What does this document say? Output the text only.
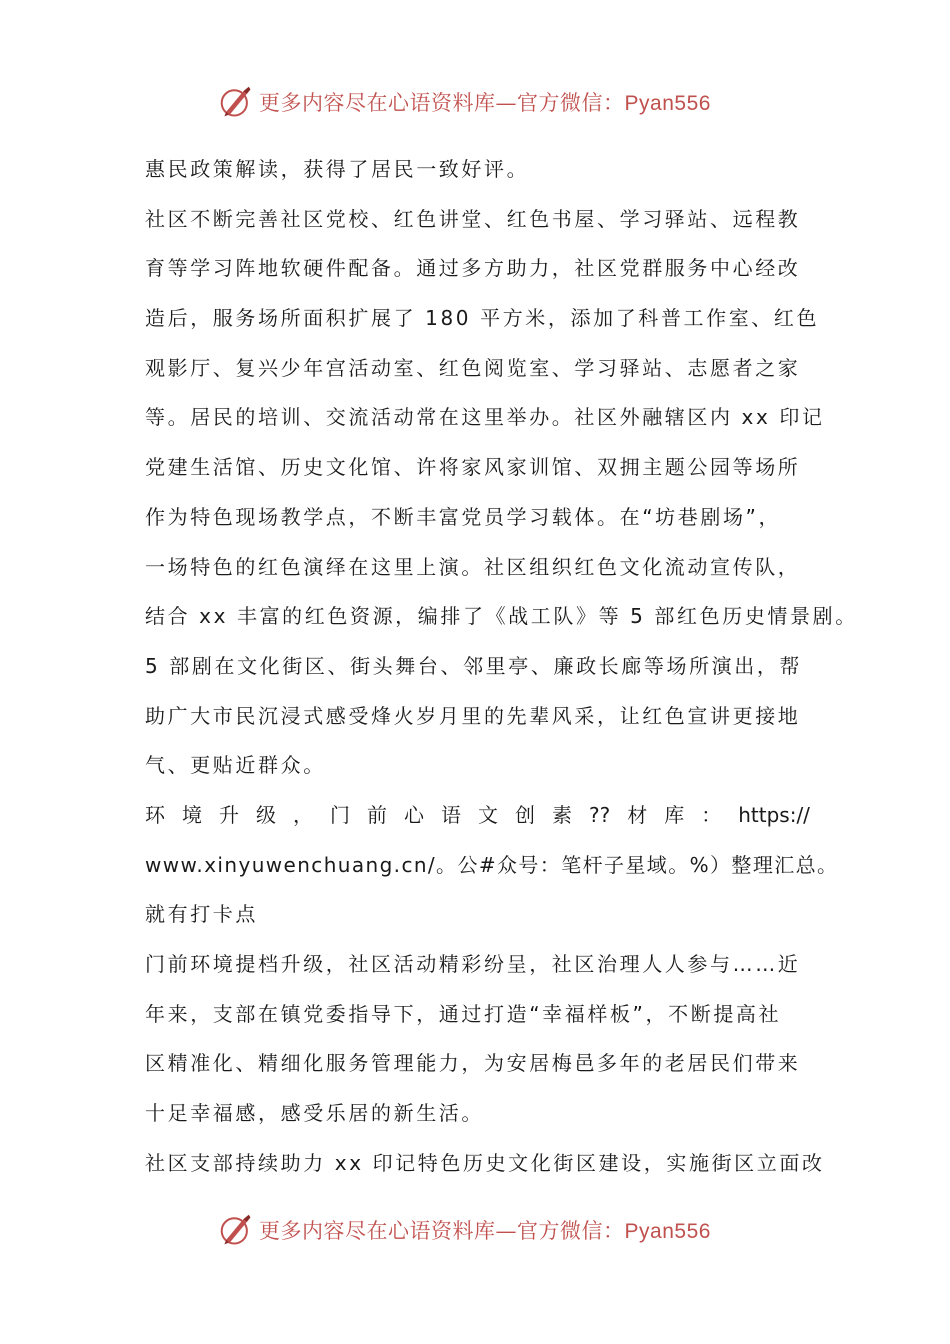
更多内容尽在心语资料库—官方微信：Pyan556
惠民政策解读，获得了居民一致好评。
社区不断完善社区党校、红色讲堂、红色书屋、学习驿站、远程教
育等学习阵地软硬件配备。通过多方助力，社区党群服务中心经改
造后，服务场所面积扩展了 180 平方米，添加了科普工作室、红色
观影厅、复兴少年宫活动室、红色阅览室、学习驿站、志愿者之家
等。居民的培训、交流活动常在这里举办。社区外融辖区内 xx 印记
党建生活馆、历史文化馆、许将家风家训馆、双拥主题公园等场所
作为特色现场教学点，不断丰富党员学习载体。在“坊巷剧场”，
一场特色的红色演绎在这里上演。社区组织红色文化流动宣传队，
结合 xx 丰富的红色资源，编排了《战工队》等 5 部红色历史情景剧。
5 部剧在文化街区、街头舞台、邻里亭、廉政长廊等场所演出，帮
助广大市民沉浸式感受烽火岁月里的先辈风采，让红色宣讲更接地
气、更贴近群众。
环 境 升 级 ， 门 前 心 语 文 创 素 ?? 材 库 ： https://
www.xinyuwenchuang.cn/。公#众号：笔杆子星域。%）整理汇总。
就有打卡点
门前环境提档升级，社区活动精彩纷呈，社区治理人人参与……近
年来，支部在镇党委指导下，通过打造“幸福样板”，不断提高社
区精准化、精细化服务管理能力，为安居梅邑多年的老居民们带来
十足幸福感，感受乐居的新生活。
社区支部持续助力 xx 印记特色历史文化街区建设，实施街区立面改
更多内容尽在心语资料库—官方微信：Pyan556
